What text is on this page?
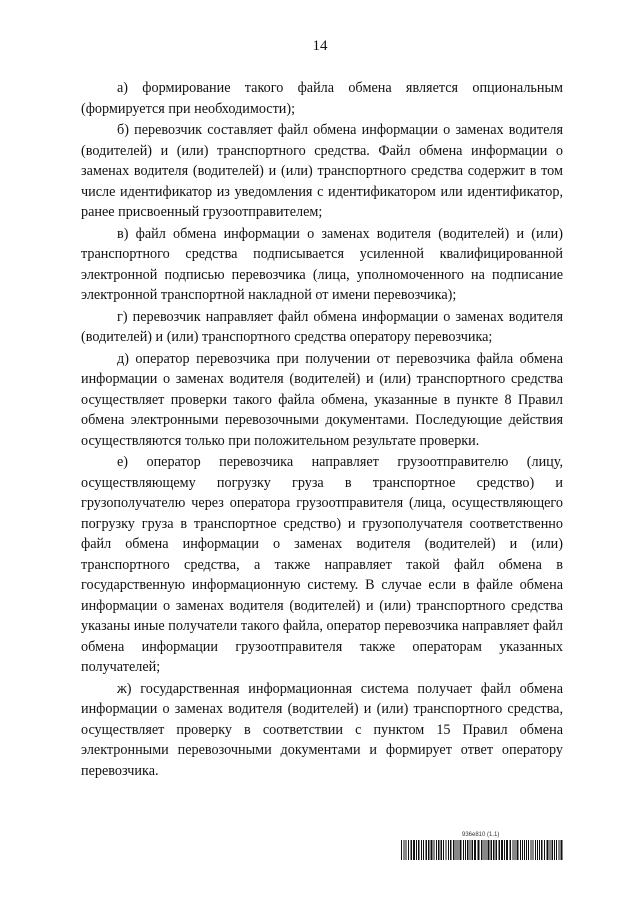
14

а) формирование такого файла обмена является опциональным (формируется при необходимости);

б) перевозчик составляет файл обмена информации о заменах водителя (водителей) и (или) транспортного средства. Файл обмена информации о заменах водителя (водителей) и (или) транспортного средства содержит в том числе идентификатор из уведомления с идентификатором или идентификатор, ранее присвоенный грузоотправителем;

в) файл обмена информации о заменах водителя (водителей) и (или) транспортного средства подписывается усиленной квалифицированной электронной подписью перевозчика (лица, уполномоченного на подписание электронной транспортной накладной от имени перевозчика);

г) перевозчик направляет файл обмена информации о заменах водителя (водителей) и (или) транспортного средства оператору перевозчика;

д) оператор перевозчика при получении от перевозчика файла обмена информации о заменах водителя (водителей) и (или) транспортного средства осуществляет проверки такого файла обмена, указанные в пункте 8 Правил обмена электронными перевозочными документами. Последующие действия осуществляются только при положительном результате проверки.

е) оператор перевозчика направляет грузоотправителю (лицу, осуществляющему погрузку груза в транспортное средство) и грузополучателю через оператора грузоотправителя (лица, осуществляющего погрузку груза в транспортное средство) и грузополучателя соответственно файл обмена информации о заменах водителя (водителей) и (или) транспортного средства, а также направляет такой файл обмена в государственную информационную систему. В случае если в файле обмена информации о заменах водителя (водителей) и (или) транспортного средства указаны иные получатели такого файла, оператор перевозчика направляет файл обмена информации грузоотправителя также операторам указанных получателей;

ж) государственная информационная система получает файл обмена информации о заменах водителя (водителей) и (или) транспортного средства, осуществляет проверку в соответствии с пунктом 15 Правил обмена электронными перевозочными документами и формирует ответ оператору перевозчика.

936е810 (1.1)
